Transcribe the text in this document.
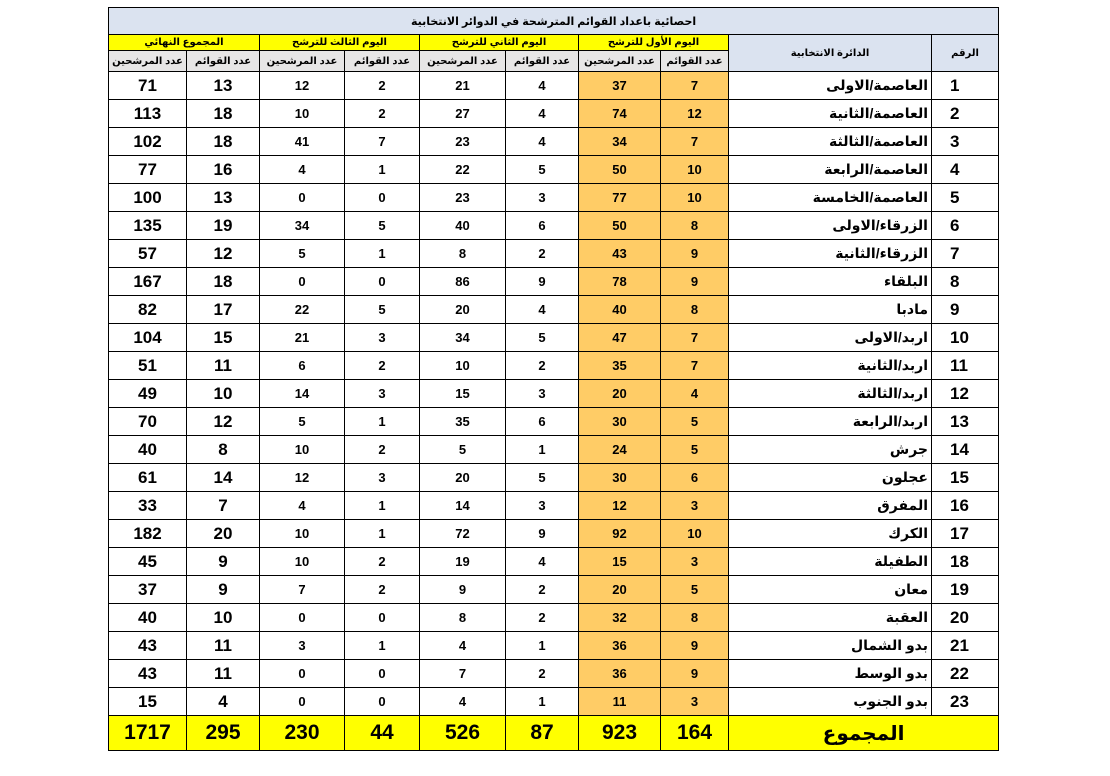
احصائية باعداد القوائم المترشحة في الدوائر الانتخابية									
المجموع النهائي		اليوم الثالث للترشح		اليوم الثاني للترشح		اليوم الأول للترشح		الدائرة الانتخابية	الرقم
عدد المرشحين	عدد القوائم	عدد المرشحين	عدد القوائم	عدد المرشحين	عدد القوائم	عدد المرشحين	عدد القوائم		
71	13	12	2	21	4	37	7	العاصمة/الاولى	1
113	18	10	2	27	4	74	12	العاصمة/الثانية	2
102	18	41	7	23	4	34	7	العاصمة/الثالثة	3
77	16	4	1	22	5	50	10	العاصمة/الرابعة	4
100	13	0	0	23	3	77	10	العاصمة/الخامسة	5
135	19	34	5	40	6	50	8	الزرقاء/الاولى	6
57	12	5	1	8	2	43	9	الزرقاء/الثانية	7
167	18	0	0	86	9	78	9	البلقاء	8
82	17	22	5	20	4	40	8	مادبا	9
104	15	21	3	34	5	47	7	اربد/الاولى	10
51	11	6	2	10	2	35	7	اربد/الثانية	11
49	10	14	3	15	3	20	4	اربد/الثالثة	12
70	12	5	1	35	6	30	5	اربد/الرابعة	13
40	8	10	2	5	1	24	5	جرش	14
61	14	12	3	20	5	30	6	عجلون	15
33	7	4	1	14	3	12	3	المفرق	16
182	20	10	1	72	9	92	10	الكرك	17
45	9	10	2	19	4	15	3	الطفيلة	18
37	9	7	2	9	2	20	5	معان	19
40	10	0	0	8	2	32	8	العقبة	20
43	11	3	1	4	1	36	9	بدو الشمال	21
43	11	0	0	7	2	36	9	بدو الوسط	22
15	4	0	0	4	1	11	3	بدو الجنوب	23
1717	295	230	44	526	87	923	164	المجموع	
